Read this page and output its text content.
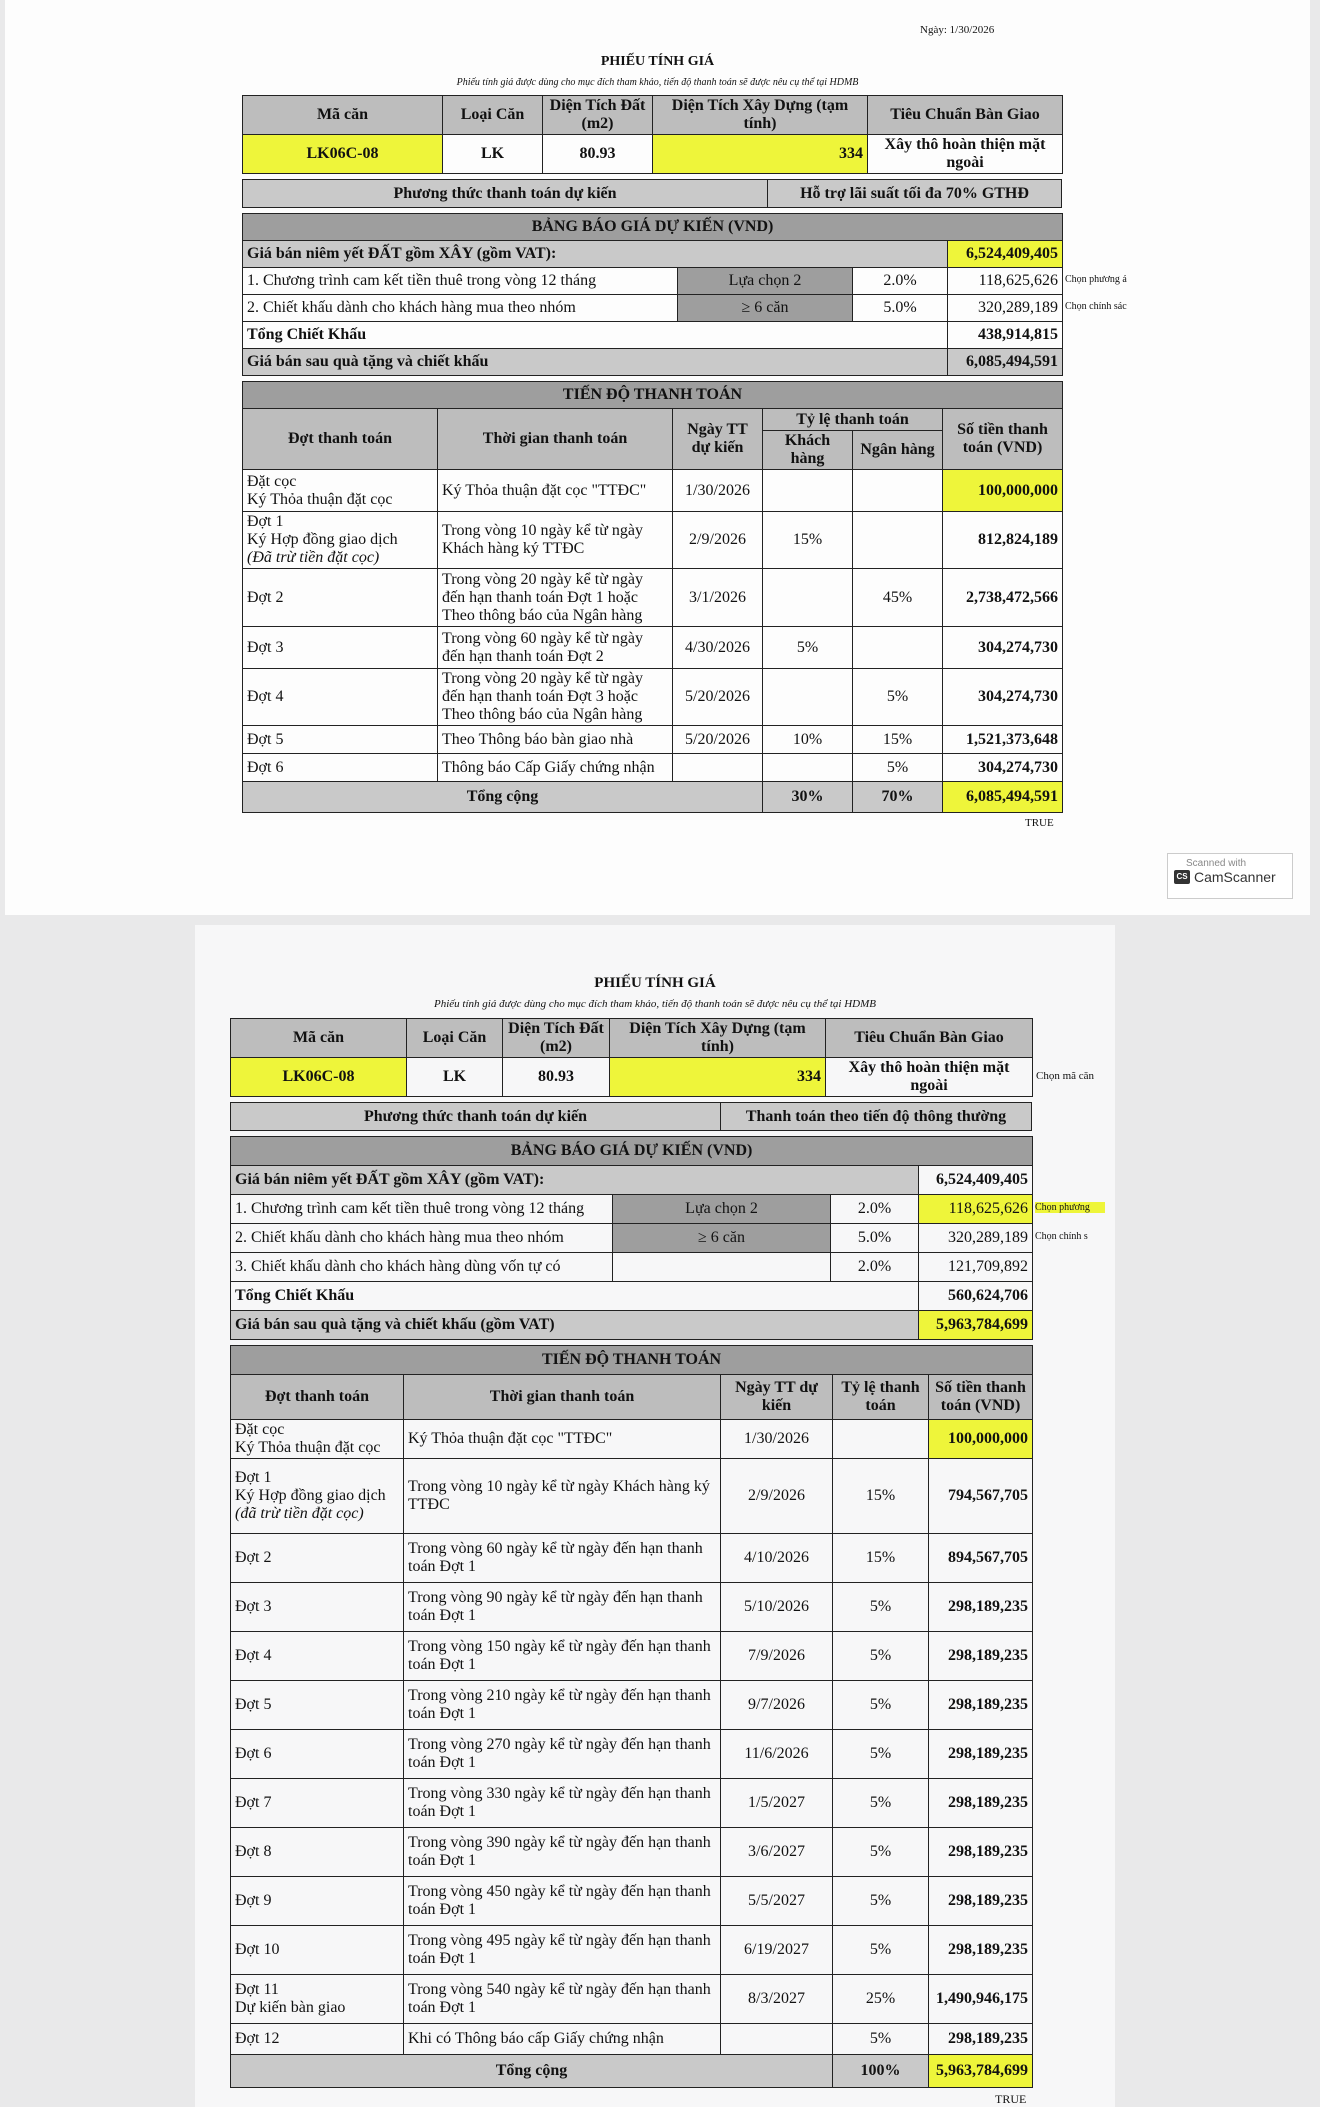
Ngày: 1/30/2026
PHIẾU TÍNH GIÁ
Phiếu tính giá được dùng cho mục đích tham khảo, tiến độ thanh toán sẽ được nêu cụ thể tại HDMB
Mã căn	Loại Căn	Diện Tích Đất (m2)	Diện Tích Xây Dựng (tạm tính)	Tiêu Chuẩn Bàn Giao
LK06C-08	LK	80.93	334	Xây thô hoàn thiện mặt ngoài
Phương thức thanh toán dự kiến	Hỗ trợ lãi suất tối đa 70% GTHĐ
BẢNG BÁO GIÁ DỰ KIẾN (VND)			
Giá bán niêm yết ĐẤT gồm XÂY (gồm VAT):			6,524,409,405
1. Chương trình cam kết tiền thuê trong vòng 12 tháng	Lựa chọn 2	2.0%	118,625,626
2. Chiết khấu dành cho khách hàng mua theo nhóm	≥ 6 căn	5.0%	320,289,189
Tổng Chiết Khấu			438,914,815
Giá bán sau quà tặng và chiết khấu			6,085,494,591
Chọn phương á
Chọn chính sác
TIẾN ĐỘ THANH TOÁN					
Đợt thanh toán	Thời gian thanh toán	Ngày TT dự kiến	Tỷ lệ thanh toán		Số tiền thanh toán (VND)
			Khách hàng	Ngân hàng	

Đặt cọc
Ký Thỏa thuận đặt cọc	Ký Thỏa thuận đặt cọc "TTĐC"	1/30/2026			100,000,000

Đợt 1
Ký Hợp đồng giao dịch
(Đã trừ tiền đặt cọc)	Trong vòng 10 ngày kể từ ngày Khách hàng ký TTĐC	2/9/2026	15%		812,824,189

Đợt 2	Trong vòng 20 ngày kể từ ngày đến hạn thanh toán Đợt 1 hoặc Theo thông báo của Ngân hàng	3/1/2026		45%	2,738,472,566

Đợt 3	Trong vòng 60 ngày kể từ ngày đến hạn thanh toán Đợt 2	4/30/2026	5%		304,274,730

Đợt 4	Trong vòng 20 ngày kể từ ngày đến hạn thanh toán Đợt 3 hoặc Theo thông báo của Ngân hàng	5/20/2026		5%	304,274,730

Đợt 5	Theo Thông báo bàn giao nhà	5/20/2026	10%	15%	1,521,373,648

Đợt 6	Thông báo Cấp Giấy chứng nhận			5%	304,274,730
Tổng cộng			30%	70%	6,085,494,591
TRUE
Scanned with
CS CamScanner
PHIẾU TÍNH GIÁ
Phiếu tính giá được dùng cho mục đích tham khảo, tiến độ thanh toán sẽ được nêu cụ thể tại HDMB
Mã căn	Loại Căn	Diện Tích Đất (m2)	Diện Tích Xây Dựng (tạm tính)	Tiêu Chuẩn Bàn Giao
LK06C-08	LK	80.93	334	Xây thô hoàn thiện mặt ngoài
Chọn mã căn
Phương thức thanh toán dự kiến	Thanh toán theo tiến độ thông thường
BẢNG BÁO GIÁ DỰ KIẾN (VND)			
Giá bán niêm yết ĐẤT gồm XÂY (gồm VAT):			6,524,409,405
1. Chương trình cam kết tiền thuê trong vòng 12 tháng	Lựa chọn 2	2.0%	118,625,626
2. Chiết khấu dành cho khách hàng mua theo nhóm	≥ 6 căn	5.0%	320,289,189
3. Chiết khấu dành cho khách hàng dùng vốn tự có		2.0%	121,709,892
Tổng Chiết Khấu			560,624,706
Giá bán sau quà tặng và chiết khấu (gồm VAT)			5,963,784,699
Chọn phương
Chọn chính s
TIẾN ĐỘ THANH TOÁN				
Đợt thanh toán	Thời gian thanh toán	Ngày TT dự kiến	Tỷ lệ thanh toán	Số tiền thanh toán (VND)

Đặt cọc
Ký Thỏa thuận đặt cọc	Ký Thỏa thuận đặt cọc "TTĐC"	1/30/2026		100,000,000

Đợt 1
Ký Hợp đồng giao dịch
(đã trừ tiền đặt cọc)	Trong vòng 10 ngày kể từ ngày Khách hàng ký TTĐC	2/9/2026	15%	794,567,705

Đợt 2	Trong vòng 60 ngày kể từ ngày đến hạn thanh toán Đợt 1	4/10/2026	15%	894,567,705

Đợt 3	Trong vòng 90 ngày kể từ ngày đến hạn thanh toán Đợt 1	5/10/2026	5%	298,189,235

Đợt 4	Trong vòng 150 ngày kể từ ngày đến hạn thanh toán Đợt 1	7/9/2026	5%	298,189,235

Đợt 5	Trong vòng 210 ngày kể từ ngày đến hạn thanh toán Đợt 1	9/7/2026	5%	298,189,235

Đợt 6	Trong vòng 270 ngày kể từ ngày đến hạn thanh toán Đợt 1	11/6/2026	5%	298,189,235

Đợt 7	Trong vòng 330 ngày kể từ ngày đến hạn thanh toán Đợt 1	1/5/2027	5%	298,189,235

Đợt 8	Trong vòng 390 ngày kể từ ngày đến hạn thanh toán Đợt 1	3/6/2027	5%	298,189,235

Đợt 9	Trong vòng 450 ngày kể từ ngày đến hạn thanh toán Đợt 1	5/5/2027	5%	298,189,235

Đợt 10	Trong vòng 495 ngày kể từ ngày đến hạn thanh toán Đợt 1	6/19/2027	5%	298,189,235

Đợt 11
Dự kiến bàn giao	Trong vòng 540 ngày kể từ ngày đến hạn thanh toán Đợt 1	8/3/2027	25%	1,490,946,175

Đợt 12	Khi có Thông báo cấp Giấy chứng nhận		5%	298,189,235
Tổng cộng			100%	5,963,784,699
TRUE
